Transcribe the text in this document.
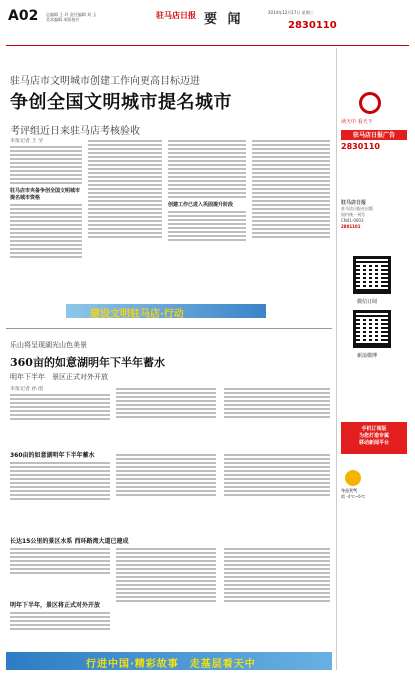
A02 总编辑 王 玲 责任编辑 刘 玉
美术编辑 本版校对	驻马店日报 要 闻	2014年12月17日 星期三
2830110
驻马店市文明城市创建工作向更高目标迈进
争创全国文明城市提名城市
考评组近日来驻马店考核验收
本报记者 王 莹
驻马店市夹备争创全国文明城市提名城市资格
创建工作已进入巩固提升阶段
建设文明驻马店·行动
乐山将呈现湖光山色美景
360亩的如意湖明年下半年蓄水
明年下半年　景区正式对外开放
本报记者 孙 雨
360亩的如意湖明年下半年蓄水
长达15公里的景区水系 西环路湾大道已建成
明年下半年，景区将正式对外开放
行进中国·精彩故事　走基层看天中
读天中 看天下
驻马店日报广告
2830110
驻马店日报
驻马店日报社出版
国内统一刊号
CN41-0003
2801101
微信订阅
新浪微博
手机订阅版
为您打造专属
移动新闻平台
今日天气
晴 -4℃~6℃
